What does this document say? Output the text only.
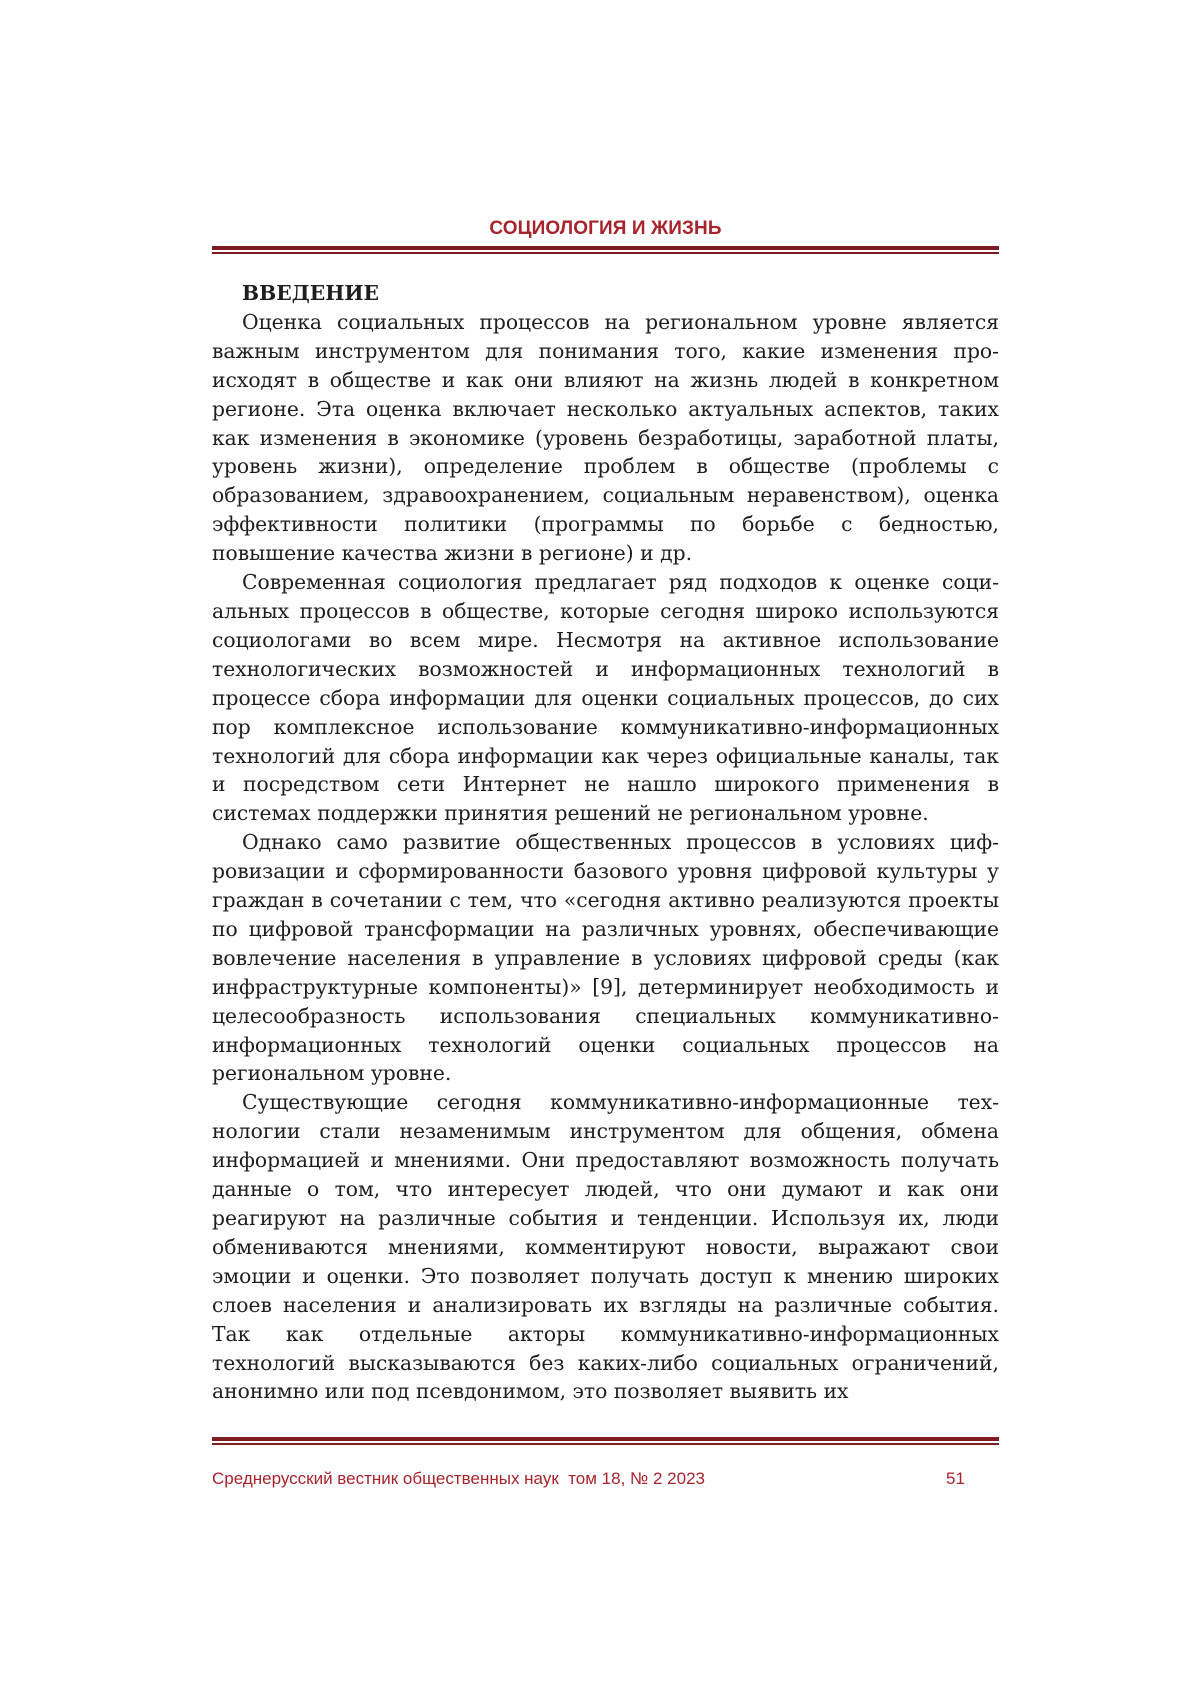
СОЦИОЛОГИЯ И ЖИЗНЬ
ВВЕДЕНИЕ

Оценка социальных процессов на региональном уровне является важным инструментом для понимания того, какие изменения происходят в обществе и как они влияют на жизнь людей в конкретном регионе. Эта оценка включает несколько актуальных аспектов, таких как изменения в экономике (уровень безработицы, заработной платы, уровень жизни), определение проблем в обществе (проблемы с образованием, здравоохранением, социальным неравенством), оценка эффективности политики (программы по борьбе с бедностью, повышение качества жизни в регионе) и др.

Современная социология предлагает ряд подходов к оценке социальных процессов в обществе, которые сегодня широко используются социологами во всем мире. Несмотря на активное использование технологических возможностей и информационных технологий в процессе сбора информации для оценки социальных процессов, до сих пор комплексное использование коммуникативно-информационных технологий для сбора информации как через официальные каналы, так и посредством сети Интернет не нашло широкого применения в системах поддержки принятия решений не региональном уровне.

Однако само развитие общественных процессов в условиях цифровизации и сформированности базового уровня цифровой культуры у граждан в сочетании с тем, что «сегодня активно реализуются проекты по цифровой трансформации на различных уровнях, обеспечивающие вовлечение населения в управление в условиях цифровой среды (как инфраструктурные компоненты)» [9], детерминирует необходимость и целесообразность использования специальных коммуникативно-информационных технологий оценки социальных процессов на региональном уровне.

Существующие сегодня коммуникативно-информационные технологии стали незаменимым инструментом для общения, обмена информацией и мнениями. Они предоставляют возможность получать данные о том, что интересует людей, что они думают и как они реагируют на различные события и тенденции. Используя их, люди обмениваются мнениями, комментируют новости, выражают свои эмоции и оценки. Это позволяет получать доступ к мнению широких слоев населения и анализировать их взгляды на различные события. Так как отдельные акторы коммуникативно-информационных технологий высказываются без каких-либо социальных ограничений, анонимно или под псевдонимом, это позволяет выявить их

Среднерусский вестник общественных наук  том 18, № 2 2023	51
